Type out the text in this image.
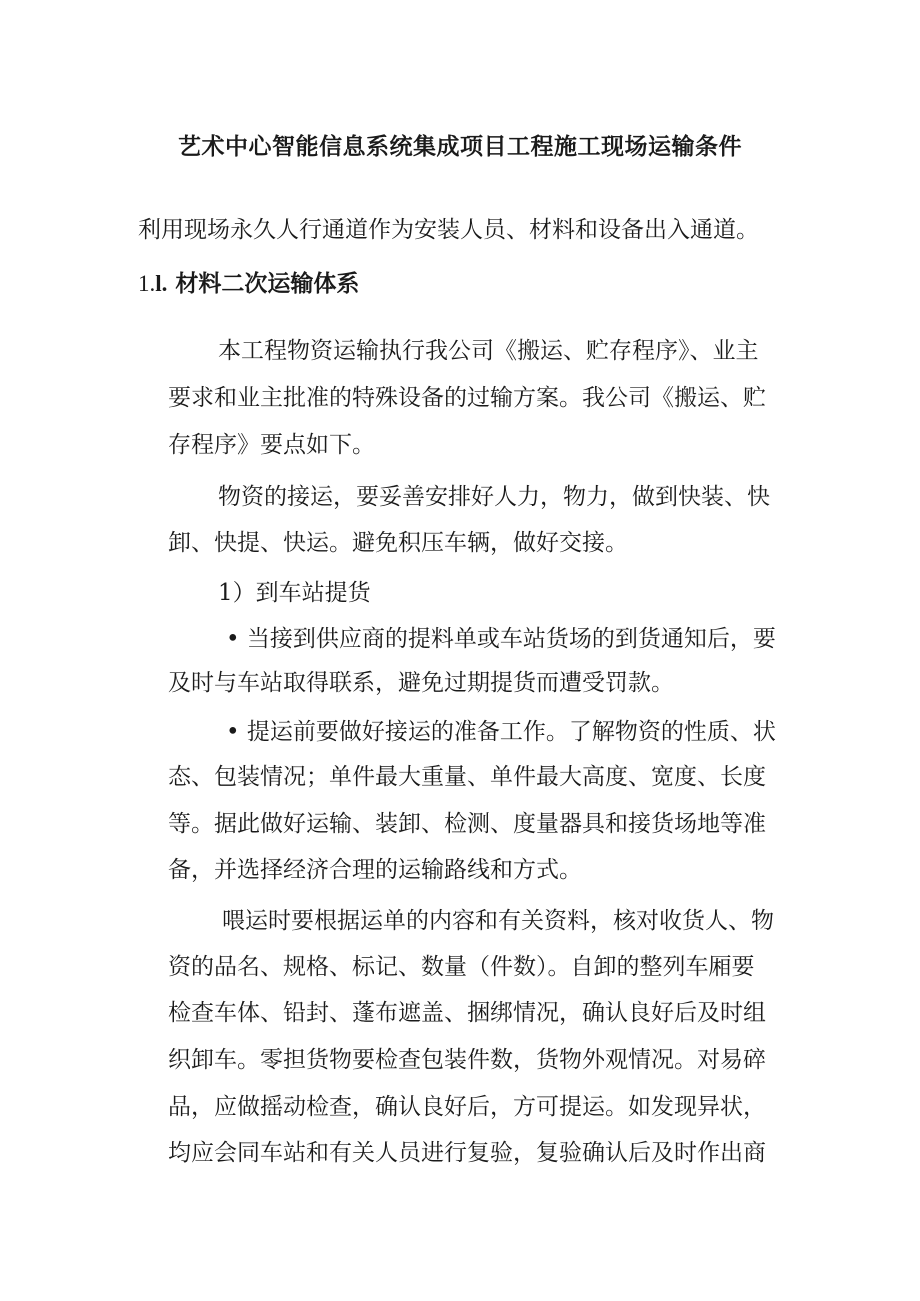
艺术中心智能信息系统集成项目工程施工现场运输条件

利用现场永久人行通道作为安装人员、材料和设备出入通道。

1.l. 材料二次运输体系

本工程物资运输执行我公司《搬运、贮存程序》、业主

要求和业主批准的特殊设备的过输方案。我公司《搬运、贮

存程序》要点如下。

物资的接运，要妥善安排好人力，物力，做到快装、快

卸、快提、快运。避免积压车辆，做好交接。

1）到车站提货

• 当接到供应商的提料单或车站货场的到货通知后，要

及时与车站取得联系，避免过期提货而遭受罚款。

• 提运前要做好接运的准备工作。了解物资的性质、状

态、包装情况；单件最大重量、单件最大高度、宽度、长度

等。据此做好运输、装卸、检测、度量器具和接货场地等准

备，并选择经济合理的运输路线和方式。

喂运时要根据运单的内容和有关资料，核对收货人、物

资的品名、规格、标记、数量（件数）。自卸的整列车厢要

检查车体、铅封、蓬布遮盖、捆绑情况，确认良好后及时组

织卸车。零担货物要检查包装件数，货物外观情况。对易碎

品，应做摇动检查，确认良好后，方可提运。如发现异状，

均应会同车站和有关人员进行复验，复验确认后及时作出商
